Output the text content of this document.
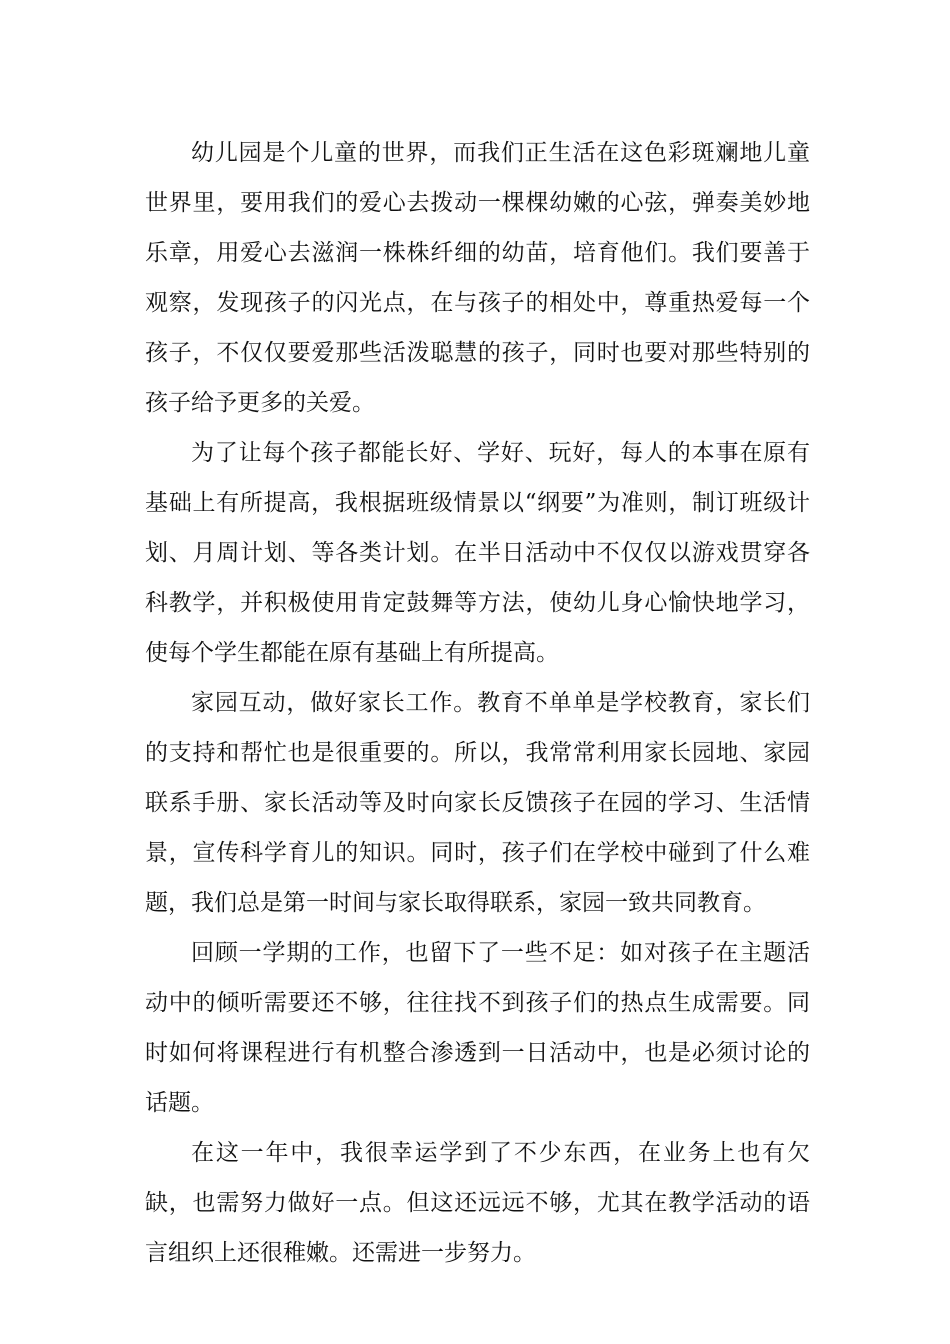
幼儿园是个儿童的世界，而我们正生活在这色彩斑斓地儿童世界里，要用我们的爱心去拨动一棵棵幼嫩的心弦，弹奏美妙地乐章，用爱心去滋润一株株纤细的幼苗，培育他们。我们要善于观察，发现孩子的闪光点，在与孩子的相处中，尊重热爱每一个孩子，不仅仅要爱那些活泼聪慧的孩子，同时也要对那些特别的孩子给予更多的关爱。

为了让每个孩子都能长好、学好、玩好，每人的本事在原有基础上有所提高，我根据班级情景以“纲要”为准则，制订班级计划、月周计划、等各类计划。在半日活动中不仅仅以游戏贯穿各科教学，并积极使用肯定鼓舞等方法，使幼儿身心愉快地学习，使每个学生都能在原有基础上有所提高。

家园互动，做好家长工作。教育不单单是学校教育，家长们的支持和帮忙也是很重要的。所以，我常常利用家长园地、家园联系手册、家长活动等及时向家长反馈孩子在园的学习、生活情景，宣传科学育儿的知识。同时，孩子们在学校中碰到了什么难题，我们总是第一时间与家长取得联系，家园一致共同教育。

回顾一学期的工作，也留下了一些不足：如对孩子在主题活动中的倾听需要还不够，往往找不到孩子们的热点生成需要。同时如何将课程进行有机整合渗透到一日活动中，也是必须讨论的话题。

在这一年中，我很幸运学到了不少东西，在业务上也有欠缺，也需努力做好一点。但这还远远不够，尤其在教学活动的语言组织上还很稚嫩。还需进一步努力。
